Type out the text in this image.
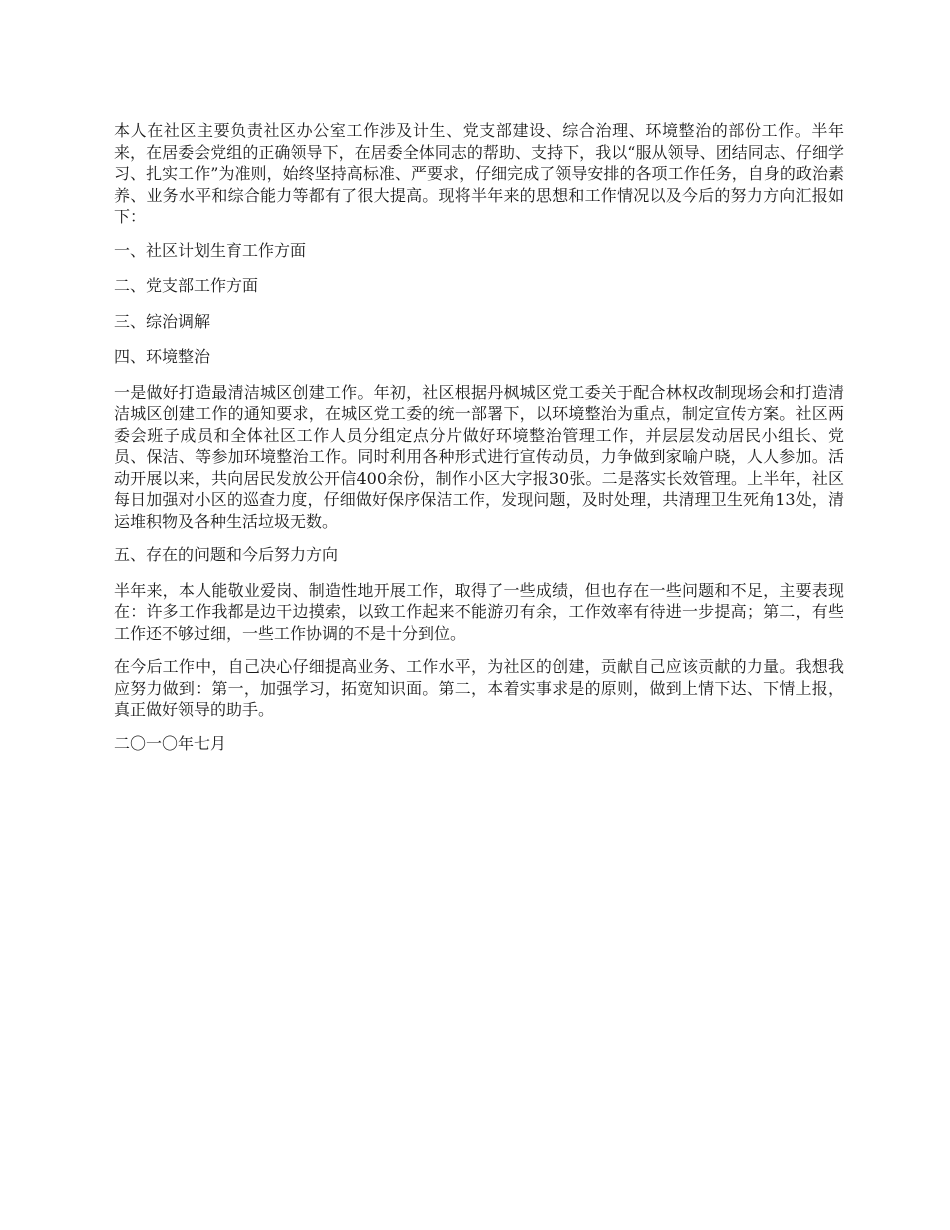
本人在社区主要负责社区办公室工作涉及计生、党支部建设、综合治理、环境整治的部份工作。半年来，在居委会党组的正确领导下，在居委全体同志的帮助、支持下，我以“服从领导、团结同志、仔细学习、扎实工作”为准则，始终坚持高标准、严要求，仔细完成了领导安排的各项工作任务，自身的政治素养、业务水平和综合能力等都有了很大提高。现将半年来的思想和工作情况以及今后的努力方向汇报如下：

一、社区计划生育工作方面

二、党支部工作方面

三、综治调解

四、环境整治

一是做好打造最清洁城区创建工作。年初，社区根据丹枫城区党工委关于配合林权改制现场会和打造清洁城区创建工作的通知要求，在城区党工委的统一部署下，以环境整治为重点，制定宣传方案。社区两委会班子成员和全体社区工作人员分组定点分片做好环境整治管理工作，并层层发动居民小组长、党员、保洁、等参加环境整治工作。同时利用各种形式进行宣传动员，力争做到家喻户晓，人人参加。活动开展以来，共向居民发放公开信400余份，制作小区大字报30张。二是落实长效管理。上半年，社区每日加强对小区的巡查力度，仔细做好保序保洁工作，发现问题，及时处理，共清理卫生死角13处，清运堆积物及各种生活垃圾无数。

五、存在的问题和今后努力方向

半年来，本人能敬业爱岗、制造性地开展工作，取得了一些成绩，但也存在一些问题和不足，主要表现在：许多工作我都是边干边摸索，以致工作起来不能游刃有余，工作效率有待进一步提高；第二，有些工作还不够过细，一些工作协调的不是十分到位。

在今后工作中，自己决心仔细提高业务、工作水平，为社区的创建，贡献自己应该贡献的力量。我想我应努力做到：第一，加强学习，拓宽知识面。第二，本着实事求是的原则，做到上情下达、下情上报，真正做好领导的助手。

二〇一〇年七月
